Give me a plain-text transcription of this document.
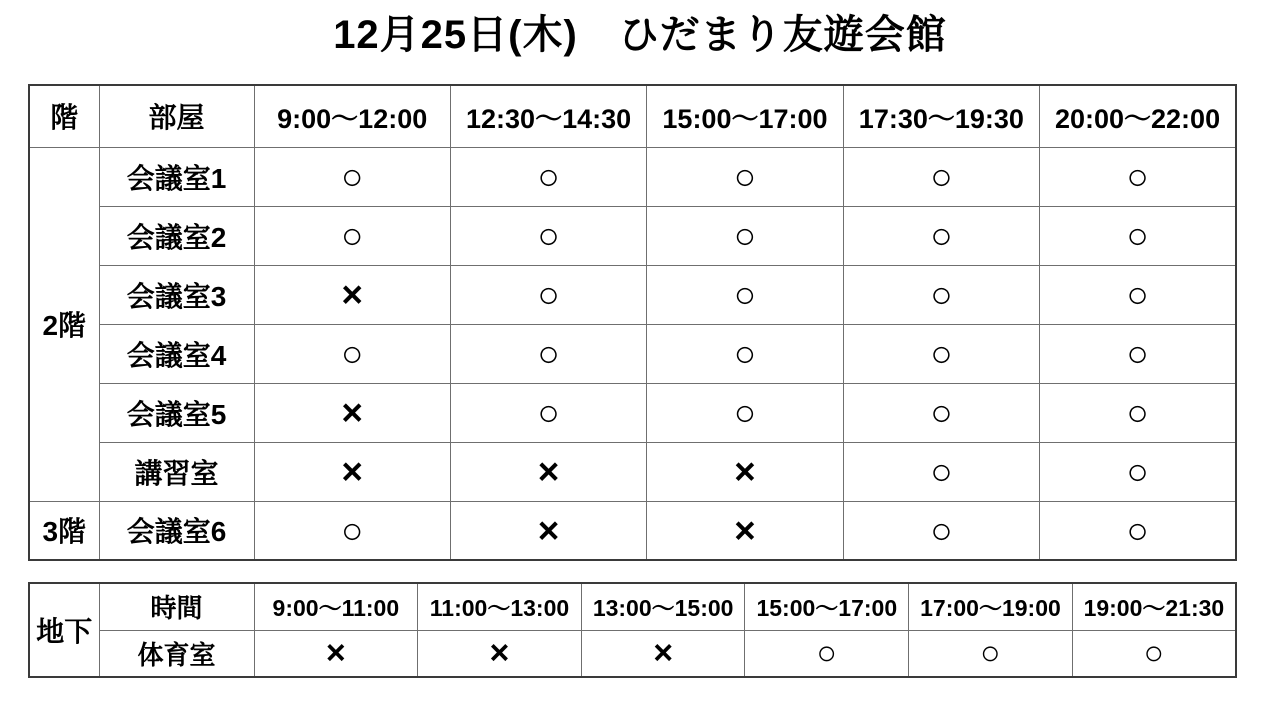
12月25日(木)　ひだまり友遊会館
階	部屋	9:00～12:00	12:30～14:30	15:00～17:00	17:30～19:30	20:00～22:00
2階	会議室1	○	○	○	○	○
	会議室2	○	○	○	○	○
	会議室3	×	○	○	○	○
	会議室4	○	○	○	○	○
	会議室5	×	○	○	○	○
	講習室	×	×	×	○	○
3階	会議室6	○	×	×	○	○
地下	時間	9:00～11:00	11:00～13:00	13:00～15:00	15:00～17:00	17:00～19:00	19:00～21:30
	体育室	×	×	×	○	○	○
